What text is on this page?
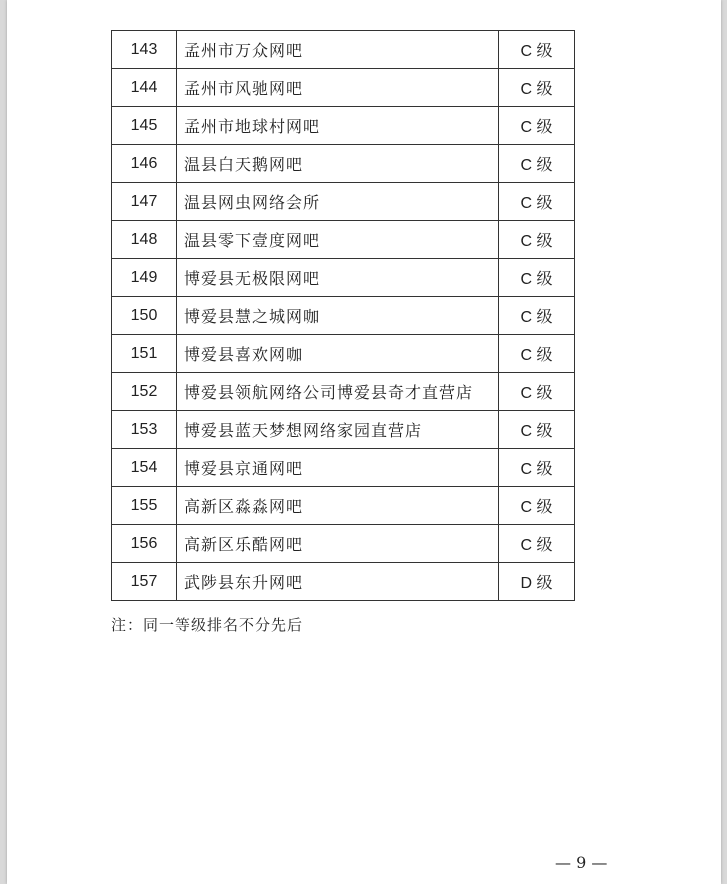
143	孟州市万众网吧	C 级
144	孟州市风驰网吧	C 级
145	孟州市地球村网吧	C 级
146	温县白天鹅网吧	C 级
147	温县网虫网络会所	C 级
148	温县零下壹度网吧	C 级
149	博爱县无极限网吧	C 级
150	博爱县慧之城网咖	C 级
151	博爱县喜欢网咖	C 级
152	博爱县领航网络公司博爱县奇才直营店	C 级
153	博爱县蓝天梦想网络家园直营店	C 级
154	博爱县京通网吧	C 级
155	高新区淼淼网吧	C 级
156	高新区乐酷网吧	C 级
157	武陟县东升网吧	D 级
注：同一等级排名不分先后
— 9 —
